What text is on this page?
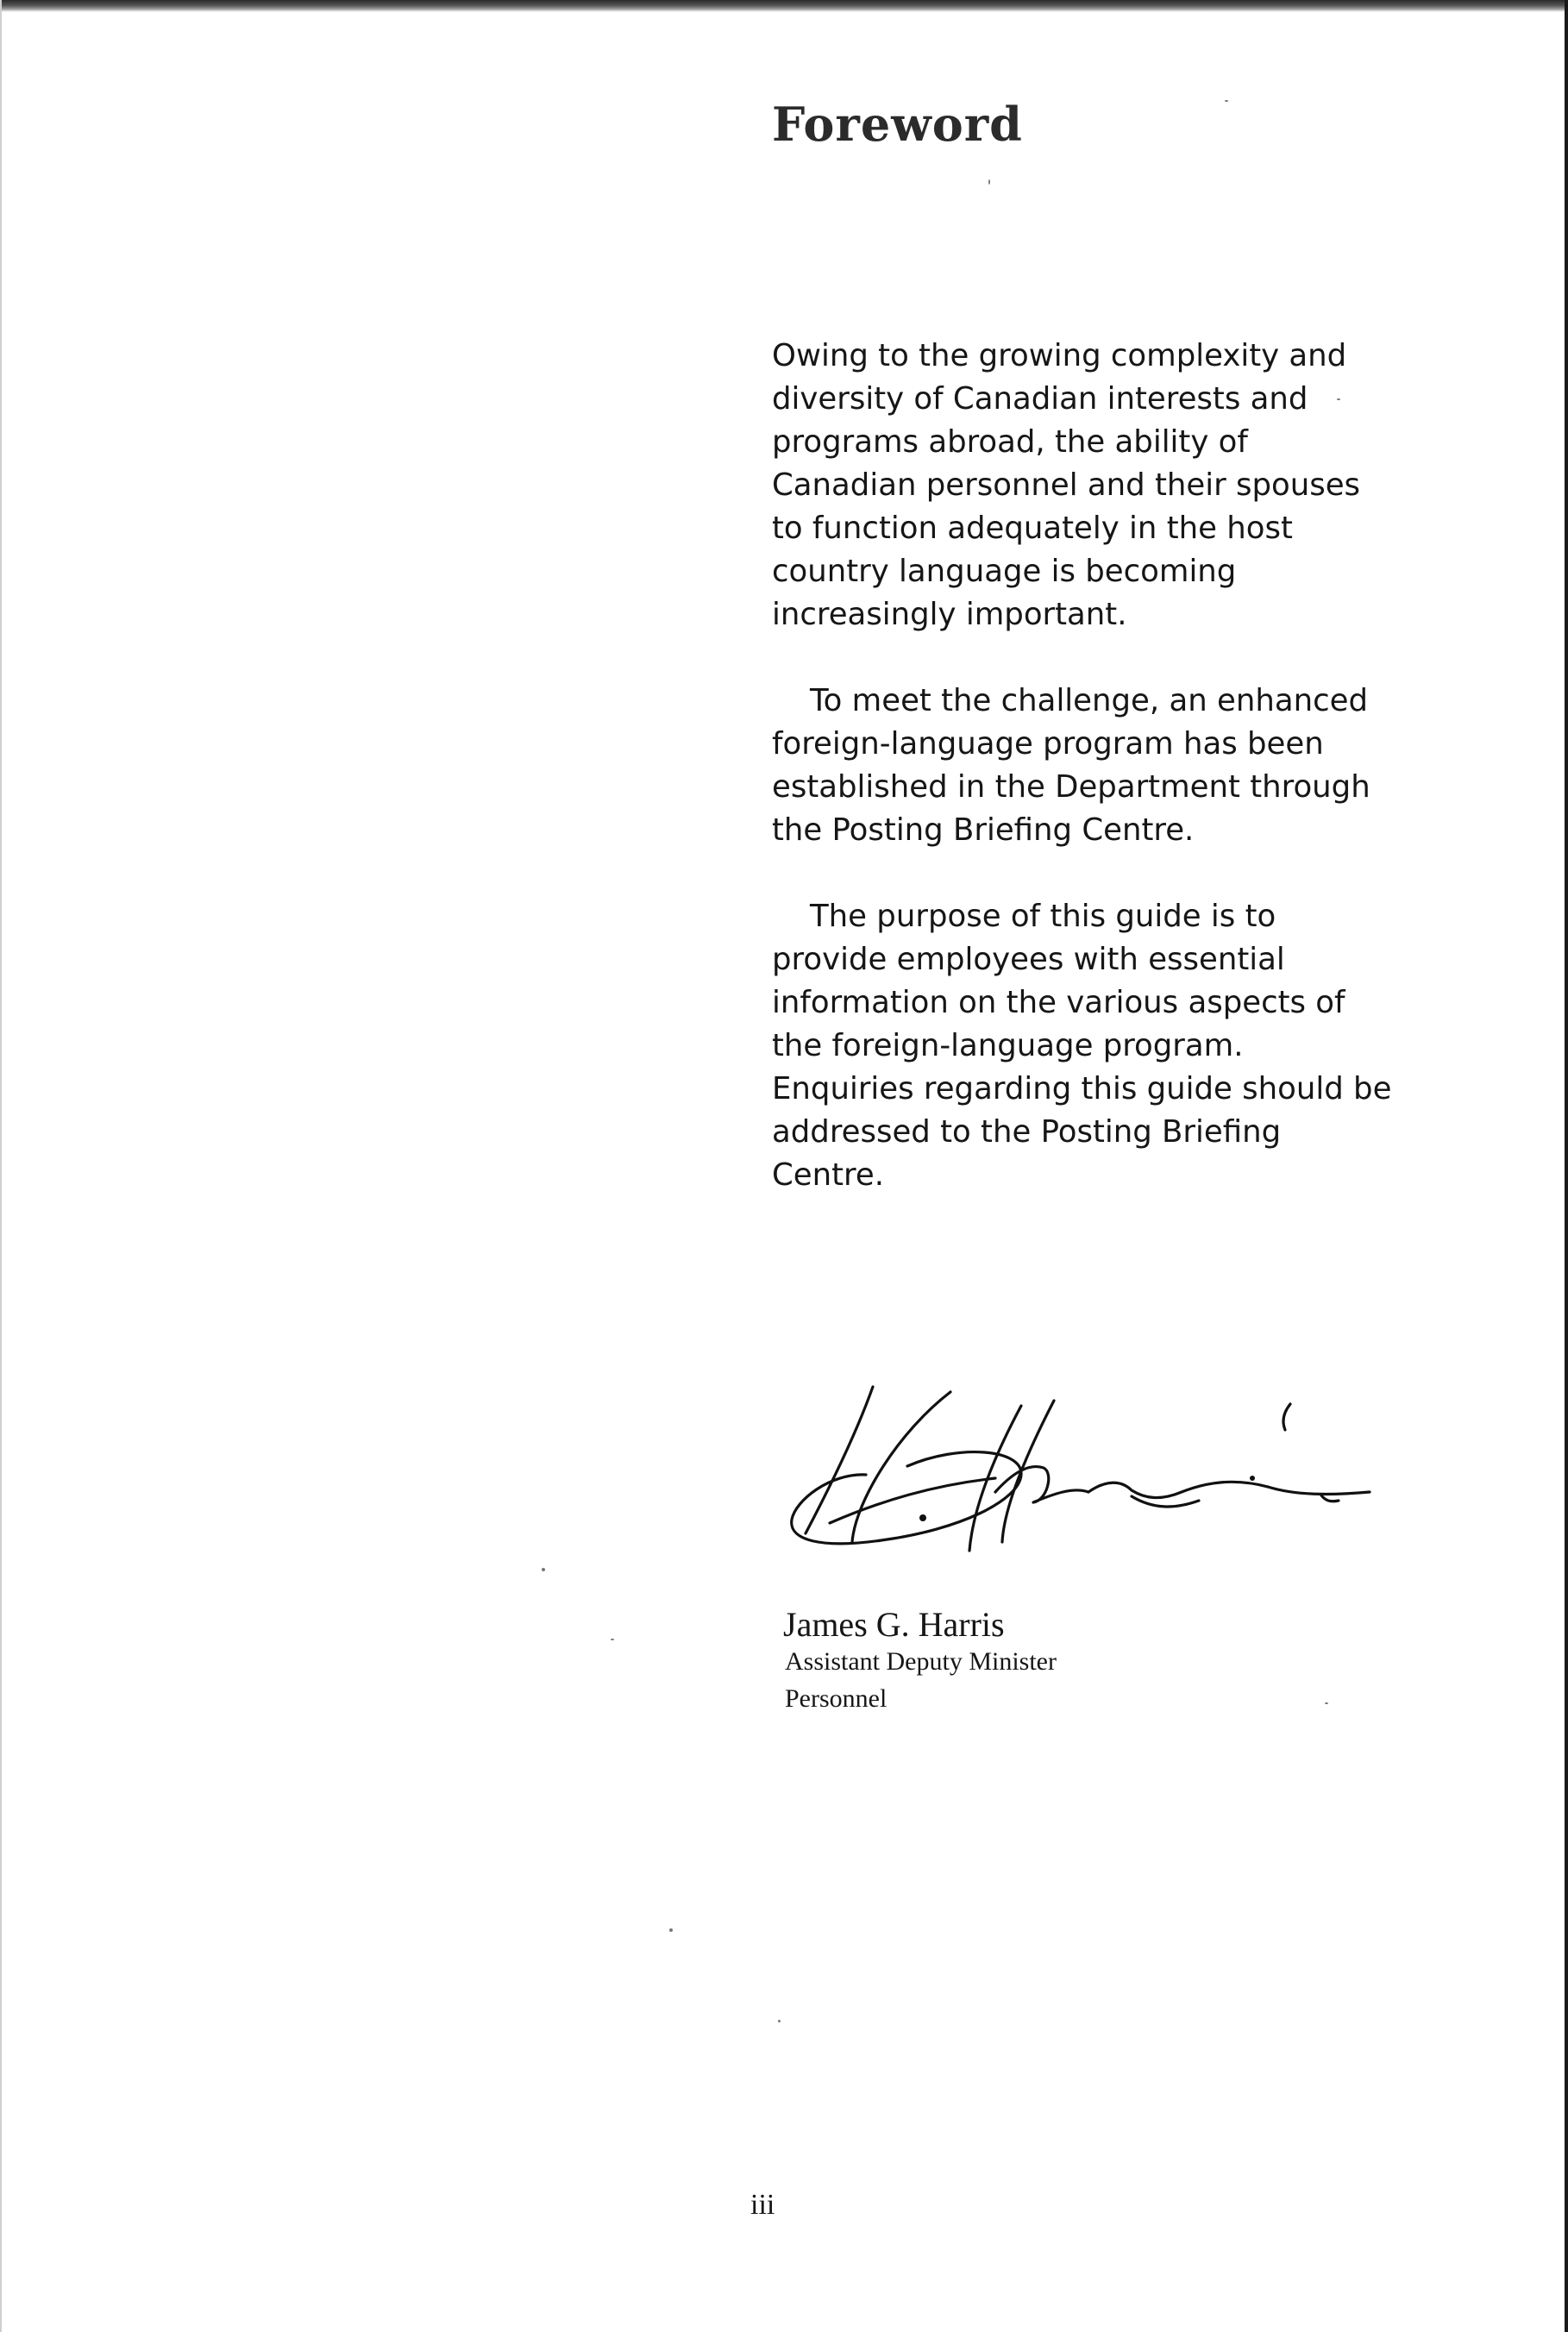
Foreword

Owing to the growing complexity and diversity of Canadian interests and programs abroad, the ability of Canadian personnel and their spouses to function adequately in the host country language is becoming increasingly important.

To meet the challenge, an enhanced foreign-language program has been established in the Department through the Posting Briefing Centre.

The purpose of this guide is to provide employees with essential information on the various aspects of the foreign-language program. Enquiries regarding this guide should be addressed to the Posting Briefing Centre.

James G. Harris
Assistant Deputy Minister
Personnel
iii
